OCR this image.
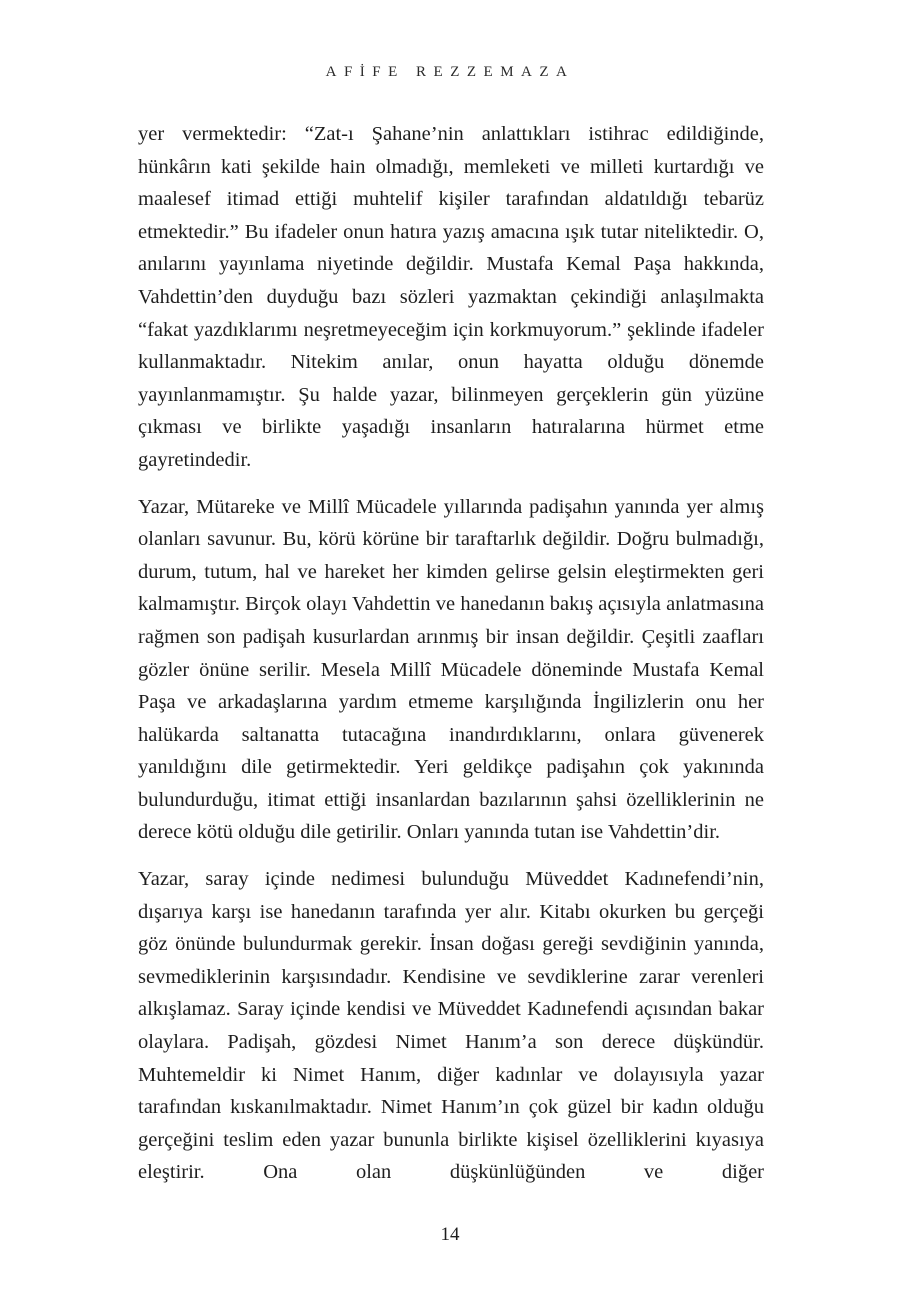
AFİFE REZZEMAZA

yer vermektedir: “Zat-ı Şahane’nin anlattıkları istihrac edildiğinde, hünkârın kati şekilde hain olmadığı, memleketi ve milleti kurtardığı ve maalesef itimad ettiği muhtelif kişiler tarafından aldatıldığı tebarüz etmektedir.” Bu ifadeler onun hatıra yazış amacına ışık tutar niteliktedir. O, anılarını yayınlama niyetinde değildir. Mustafa Kemal Paşa hakkında, Vahdettin’den duyduğu bazı sözleri yazmaktan çekindiği anlaşılmakta “fakat yazdıklarımı neşretmeyeceğim için korkmuyorum.” şeklinde ifadeler kullanmaktadır. Nitekim anılar, onun hayatta olduğu dönemde yayınlanmamıştır. Şu halde yazar, bilinmeyen gerçeklerin gün yüzüne çıkması ve birlikte yaşadığı insanların hatıralarına hürmet etme gayretindedir.

Yazar, Mütareke ve Millî Mücadele yıllarında padişahın yanında yer almış olanları savunur. Bu, körü körüne bir taraftarlık değildir. Doğru bulmadığı, durum, tutum, hal ve hareket her kimden gelirse gelsin eleştirmekten geri kalmamıştır. Birçok olayı Vahdettin ve hanedanın bakış açısıyla anlatmasına rağmen son padişah kusurlardan arınmış bir insan değildir. Çeşitli zaafları gözler önüne serilir. Mesela Millî Mücadele döneminde Mustafa Kemal Paşa ve arkadaşlarına yardım etmeme karşılığında İngilizlerin onu her halükarda saltanatta tutacağına inandırdıklarını, onlara güvenerek yanıldığını dile getirmektedir. Yeri geldikçe padişahın çok yakınında bulundurduğu, itimat ettiği insanlardan bazılarının şahsi özelliklerinin ne derece kötü olduğu dile getirilir. Onları yanında tutan ise Vahdettin’dir.

Yazar, saray içinde nedimesi bulunduğu Müveddet Kadınefendi’nin, dışarıya karşı ise hanedanın tarafında yer alır. Kitabı okurken bu gerçeği göz önünde bulundurmak gerekir. İnsan doğası gereği sevdiğinin yanında, sevmediklerinin karşısındadır. Kendisine ve sevdiklerine zarar verenleri alkışlamaz. Saray içinde kendisi ve Müveddet Kadınefendi açısından bakar olaylara. Padişah, gözdesi Nimet Hanım’a son derece düşkündür. Muhtemeldir ki Nimet Hanım, diğer kadınlar ve dolayısıyla yazar tarafından kıskanılmaktadır. Nimet Hanım’ın çok güzel bir kadın olduğu gerçeğini teslim eden yazar bununla birlikte kişisel özelliklerini kıyasıya eleştirir. Ona olan düşkünlüğünden ve diğer

14
